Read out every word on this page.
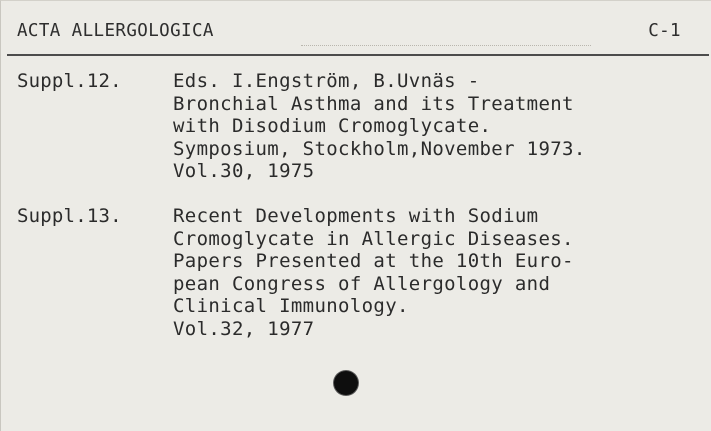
ACTA ALLERGOLOGICA	C-1
Suppl.12.	Eds. I.Engström, B.Uvnäs -
Bronchial Asthma and its Treatment
with Disodium Cromoglycate.
Symposium, Stockholm,November 1973.
Vol.30, 1975
Suppl.13.	Recent Developments with Sodium
Cromoglycate in Allergic Diseases.
Papers Presented at the 10th Euro-
pean Congress of Allergology and
Clinical Immunology.
Vol.32, 1977
